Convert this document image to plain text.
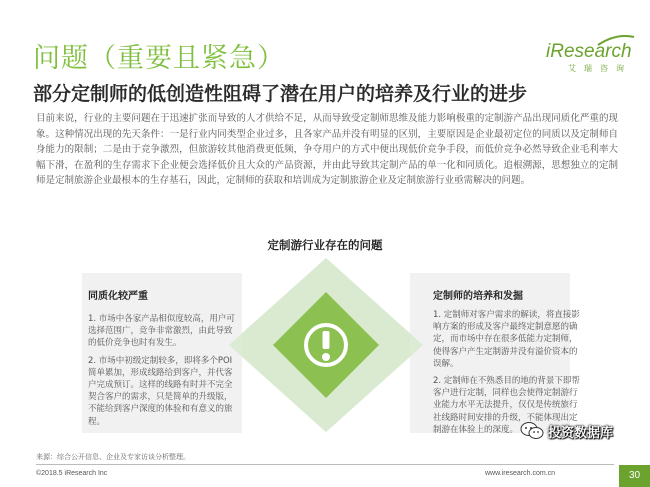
问题（重要且紧急）
部分定制师的低创造性阻碍了潜在用户的培养及行业的进步
iResearch
艾瑞咨询
目前来说，行业的主要问题在于迅速扩张而导致的人才供给不足，从而导致受定制师思维及能力影响极重的定制游产品出现同质化严重的现象。这种情况出现的先天条件：一是行业内同类型企业过多，且各家产品并没有明显的区别，主要原因是企业最初定位的同质以及定制师自身能力的限制；二是由于竞争激烈，但旅游较其他消费更低频，争夺用户的方式中便出现低价竞争手段，而低价竞争必然导致企业毛利率大幅下滑，在盈利的生存需求下企业便会选择低价且大众的产品资源，并由此导致其定制产品的单一化和同质化。追根溯源，思想独立的定制师是定制旅游企业最根本的生存基石，因此，定制师的获取和培训成为定制旅游企业及定制旅游行业亟需解决的问题。
定制游行业存在的问题
同质化较严重

1. 市场中各家产品相似度较高，用户可选择范围广，竞争非常激烈，由此导致的低价竞争也时有发生。

2. 市场中初级定制较多，即将多个POI简单累加，形成线路给到客户，并代客户完成预订。这样的线路有时并不完全契合客户的需求，只是简单的升级版，不能给到客户深度的体验和有意义的旅程。

定制师的培养和发掘

1. 定制师对客户需求的解读，将直接影响方案的形成及客户最终定制意愿的确定，而市场中存在很多低能力定制师，使得客户产生定制游并没有溢价资本的误解。

2. 定制师在不熟悉目的地的背景下即帮客户进行定制，同样也会使得定制游行业能力水平无法提升，仅仅是传统旅行社线路时间安排的升级，不能体现出定制游在体验上的深度。

来源：综合公开信息、企业及专家访谈分析整理。
©2018.5 iResearch Inc	www.iresearch.com.cn	30
投资数据库
